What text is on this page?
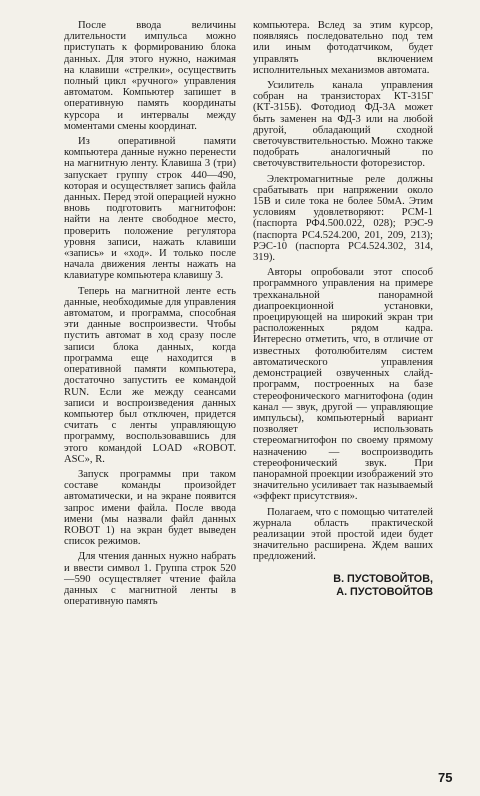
После ввода величины длительности импульса можно приступать к формированию блока данных. Для этого нужно, нажимая на клавиши «стрелки», осуществить полный цикл «ручного» управления автоматом. Компьютер запишет в оперативную память координаты курсора и интервалы между моментами смены координат.

Из оперативной памяти компьютера данные нужно перенести на магнитную ленту. Клавиша 3 (три) запускает группу строк 440—490, которая и осуществляет запись файла данных. Перед этой операцией нужно вновь подготовить магнитофон: найти на ленте свободное место, проверить положение регулятора уровня записи, нажать клавиши «запись» и «ход». И только после начала движения ленты нажать на клавиатуре компьютера клавишу 3.

Теперь на магнитной ленте есть данные, необходимые для управления автоматом, и программа, способная эти данные воспроизвести. Чтобы пустить автомат в ход сразу после записи блока данных, когда программа еще находится в оперативной памяти компьютера, достаточно запустить ее командой RUN. Если же между сеансами записи и воспроизведения данных компьютер был отключен, придется считать с ленты управляющую программу, воспользовавшись для этого командой LOAD «ROBOT. ASC», R.

Запуск программы при таком составе команды произойдет автоматически, и на экране появится запрос имени файла. После ввода имени (мы назвали файл данных ROBOT 1) на экран будет выведен список режимов.

Для чтения данных нужно набрать и ввести символ 1. Группа строк 520—590 осуществляет чтение файла данных с магнитной ленты в оперативную память

компьютера. Вслед за этим курсор, появляясь последовательно под тем или иным фотодатчиком, будет управлять включением исполнительных механизмов автомата.

Усилитель канала управления собран на транзисторах КТ-315Г (КТ-315Б). Фотодиод ФД-3А может быть заменен на ФД-3 или на любой другой, обладающий сходной светочувствительностью. Можно также подобрать аналогичный по светочувствительности фоторезистор.

Электромагнитные реле должны срабатывать при напряжении около 15В и силе тока не более 50мА. Этим условиям удовлетворяют: РСМ-1 (паспорта РФ4.500.022, 028); РЭС-9 (паспорта РС4.524.200, 201, 209, 213); РЭС-10 (паспорта РС4.524.302, 314, 319).

Авторы опробовали этот способ программного управления на примере трехканальной панорамной диапроекционной установки, проецирующей на широкий экран три расположенных рядом кадра. Интересно отметить, что, в отличие от известных фотолюбителям систем автоматического управления демонстрацией озвученных слайд-программ, построенных на базе стереофонического магнитофона (один канал — звук, другой — управляющие импульсы), компьютерный вариант позволяет использовать стереомагнитофон по своему прямому назначению — воспроизводить стереофонический звук. При панорамной проекции изображений это значительно усиливает так называемый «эффект присутствия».

Полагаем, что с помощью читателей журнала область практической реализации этой простой идеи будет значительно расширена. Ждем ваших предложений.

В. ПУСТОВОЙТОВ,
А. ПУСТОВОЙТОВ
75
